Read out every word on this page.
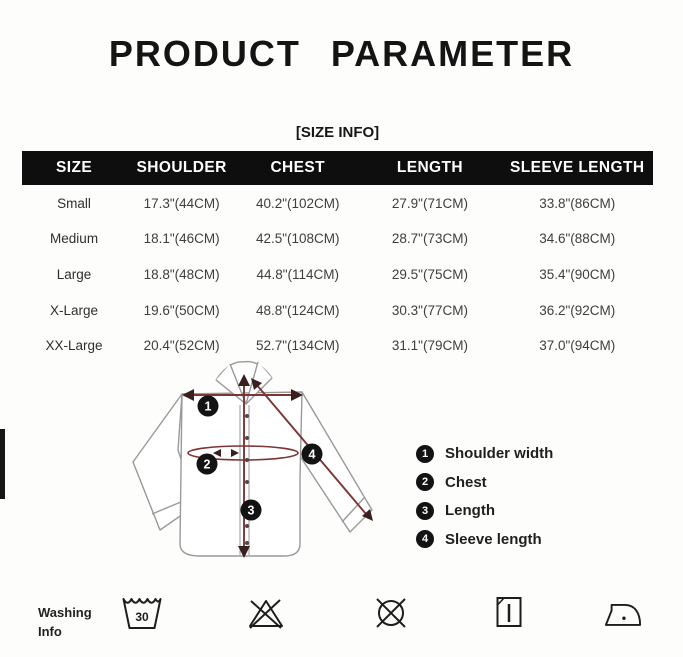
PRODUCT PARAMETER
[SIZE INFO]
SIZE	SHOULDER	CHEST	LENGTH	SLEEVE LENGTH
Small	17.3"(44CM)	40.2"(102CM)	27.9"(71CM)	33.8"(86CM)
Medium	18.1"(46CM)	42.5"(108CM)	28.7"(73CM)	34.6"(88CM)
Large	18.8"(48CM)	44.8"(114CM)	29.5"(75CM)	35.4"(90CM)
X-Large	19.6"(50CM)	48.8"(124CM)	30.3"(77CM)	36.2"(92CM)
XX-Large	20.4"(52CM)	52.7"(134CM)	31.1"(79CM)	37.0"(94CM)
1
2
3
4	1	Shoulder width
2	Chest
3	Length
4	Sleeve length
Washing
Info
30
